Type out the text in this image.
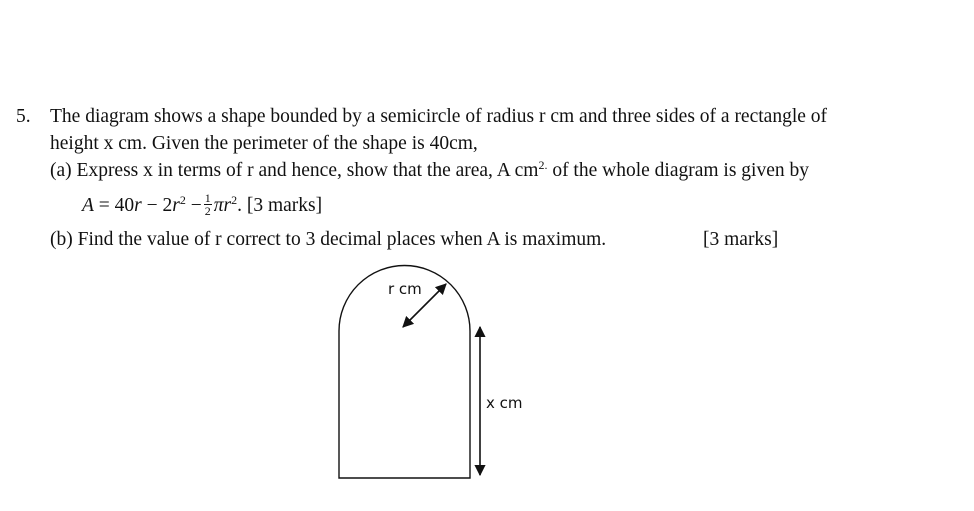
5. The diagram shows a shape bounded by a semicircle of radius r cm and three sides of a rectangle of
height x cm. Given the perimeter of the shape is 40cm,
(a) Express x in terms of r and hence, show that the area, A $cm^{2.}$ of the whole diagram is given by
$A = 40r - 2r^2 - \frac{1}{2} \pi r^2$. [3 marks]
(b) Find the value of r correct to 3 decimal places when A is maximum.	[3 marks]
r cm
x cm
